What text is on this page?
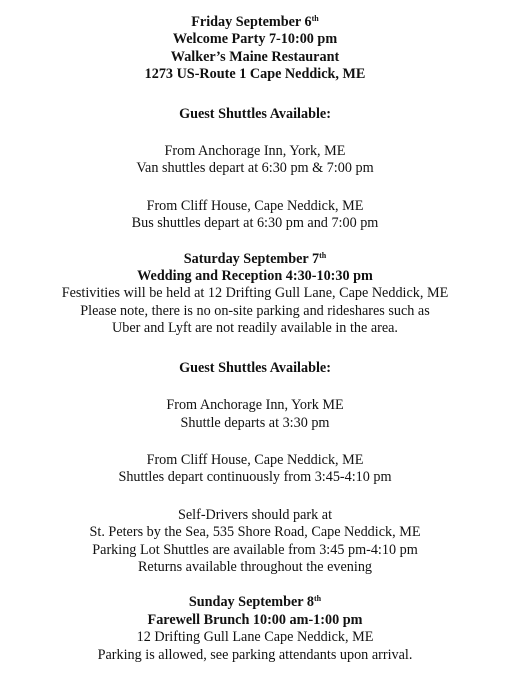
Friday September 6th
Welcome Party 7-10:00 pm
Walker’s Maine Restaurant
1273 US-Route 1 Cape Neddick, ME
Guest Shuttles Available:
From Anchorage Inn, York, ME
Van shuttles depart at 6:30 pm & 7:00 pm
From Cliff House, Cape Neddick, ME
Bus shuttles depart at 6:30 pm and 7:00 pm
Saturday September 7th
Wedding and Reception 4:30-10:30 pm
Festivities will be held at 12 Drifting Gull Lane, Cape Neddick, ME
Please note, there is no on-site parking and rideshares such as
Uber and Lyft are not readily available in the area.
Guest Shuttles Available:
From Anchorage Inn, York ME
Shuttle departs at 3:30 pm
From Cliff House, Cape Neddick, ME
Shuttles depart continuously from 3:45-4:10 pm
Self-Drivers should park at
St. Peters by the Sea, 535 Shore Road, Cape Neddick, ME
Parking Lot Shuttles are available from 3:45 pm-4:10 pm
Returns available throughout the evening
Sunday September 8th
Farewell Brunch 10:00 am-1:00 pm
12 Drifting Gull Lane Cape Neddick, ME
Parking is allowed, see parking attendants upon arrival.
